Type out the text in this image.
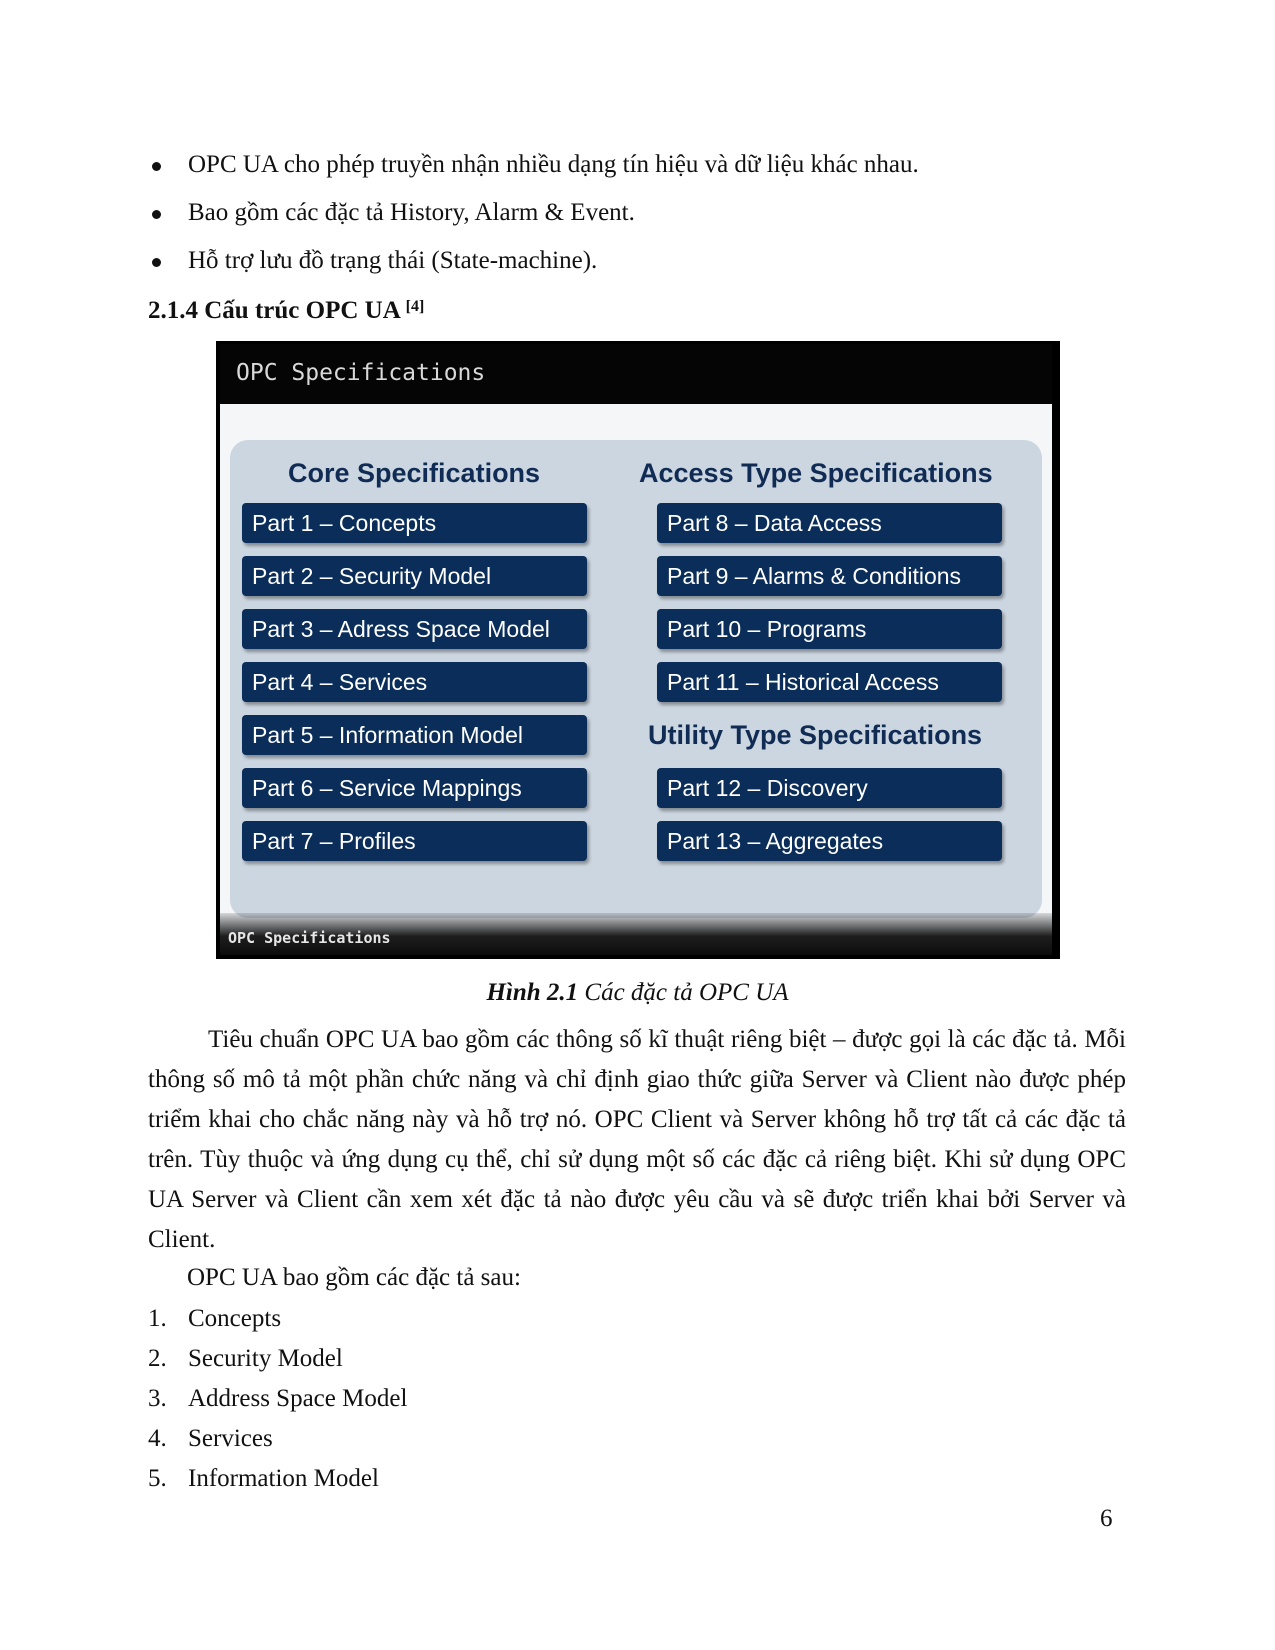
OPC UA cho phép truyền nhận nhiều dạng tín hiệu và dữ liệu khác nhau.
Bao gồm các đặc tả History, Alarm & Event.
Hỗ trợ lưu đồ trạng thái (State-machine).
2.1.4 Cấu trúc OPC UA [4]
OPC Specifications
Core Specifications	Access Type Specifications
Part 1 – Concepts
Part 2 – Security Model
Part 3 – Adress Space Model
Part 4 – Services
Part 5 – Information Model
Part 6 – Service Mappings
Part 7 – Profiles
Part 8 – Data Access
Part 9 – Alarms & Conditions
Part 10 – Programs
Part 11 – Historical Access
Utility Type Specifications
Part 12 – Discovery
Part 13 – Aggregates
OPC Specifications
Hình 2.1 Các đặc tả OPC UA

Tiêu chuẩn OPC UA bao gồm các thông số kĩ thuật riêng biệt – được gọi là các đặc tả. Mỗi thông số mô tả một phần chức năng và chỉ định giao thức giữa Server và Client nào được phép triểm khai cho chắc năng này và hỗ trợ nó. OPC Client và Server không hỗ trợ tất cả các đặc tả trên. Tùy thuộc và ứng dụng cụ thể, chỉ sử dụng một số các đặc cả riêng biệt. Khi sử dụng OPC UA Server và Client cần xem xét đặc tả nào được yêu cầu và sẽ được triển khai bởi Server và Client.

OPC UA bao gồm các đặc tả sau:
1. Concepts
2. Security Model
3. Address Space Model
4. Services
5. Information Model
6
